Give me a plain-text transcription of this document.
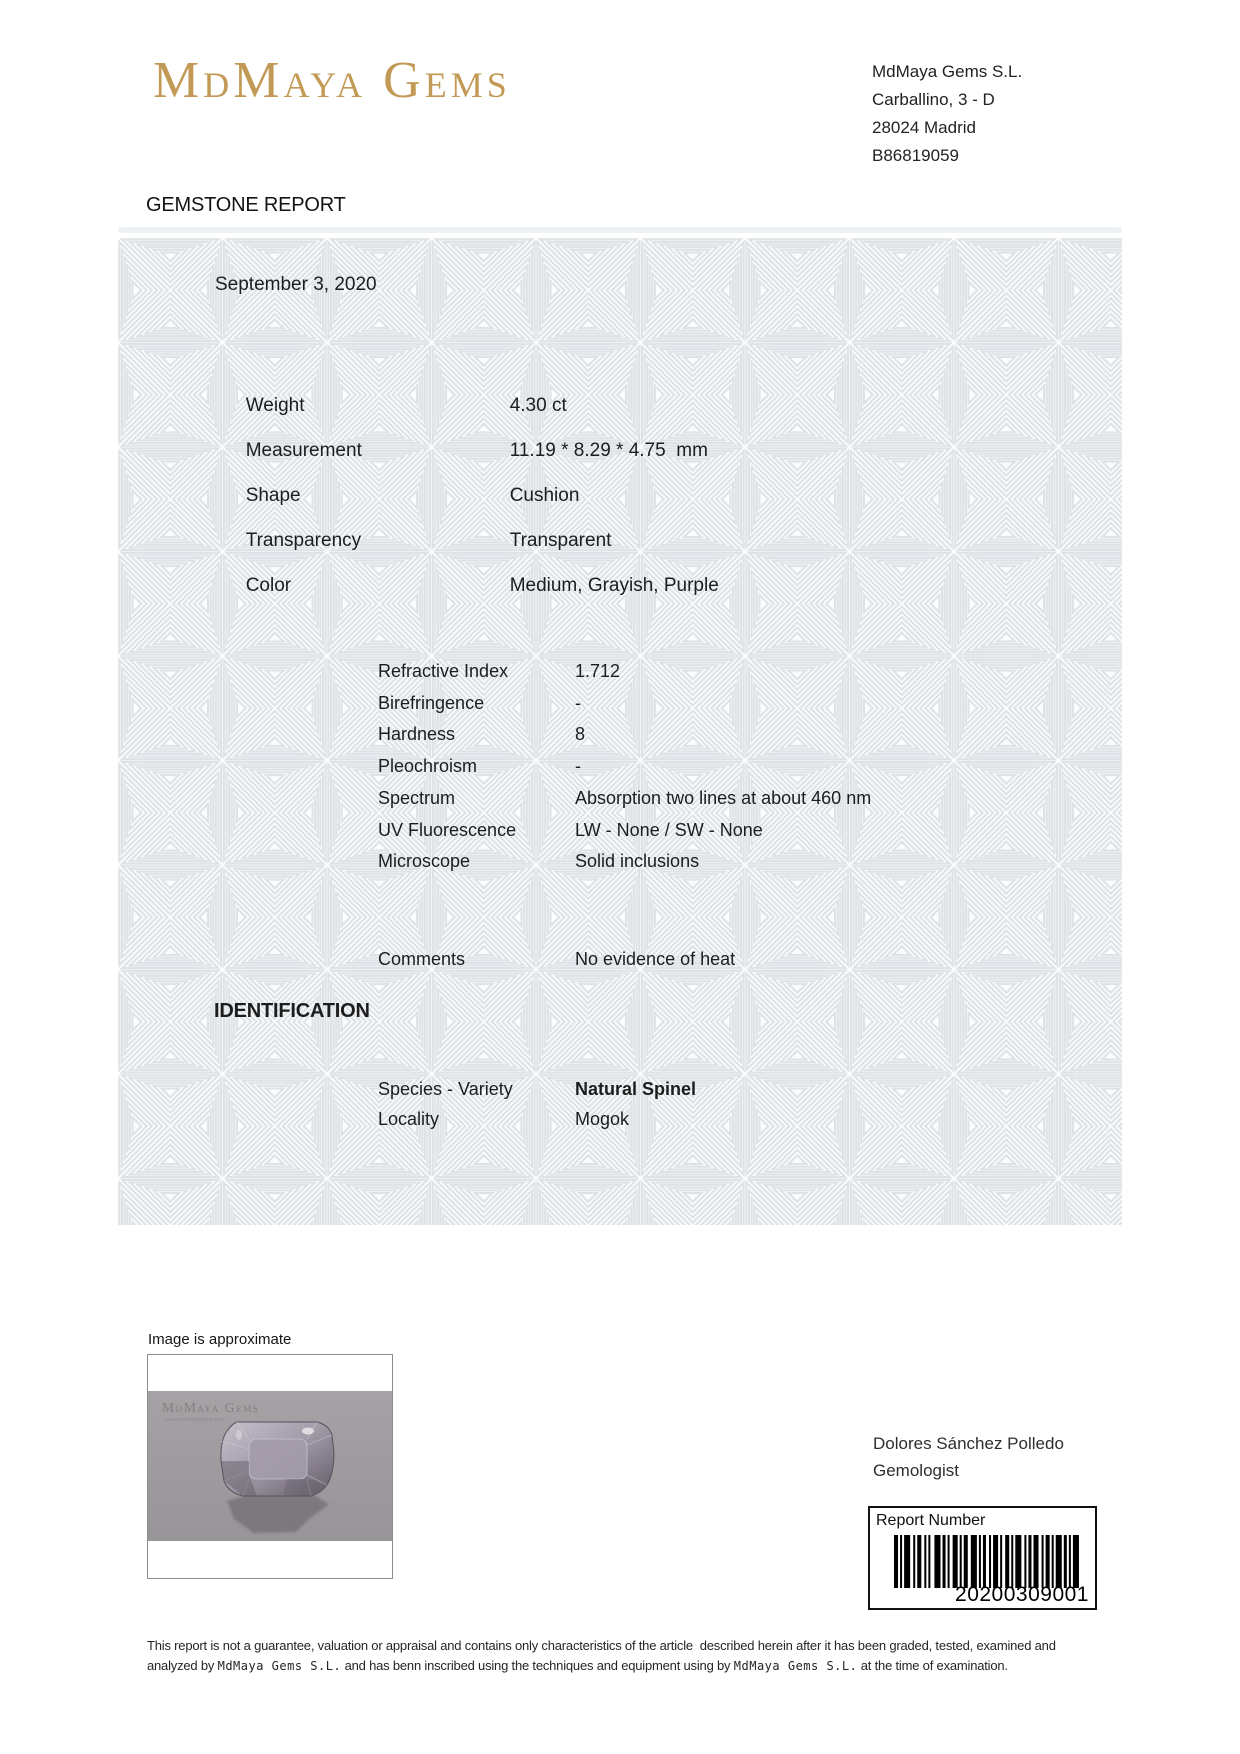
MdMaya Gems	MdMaya Gems S.L.
Carballino, 3 - D
28024 Madrid
B86819059
GEMSTONE REPORT
September 3, 2020

Weight	4.30 ct

Measurement	11.19 * 8.29 * 4.75  mm

Shape	Cushion

Transparency	Transparent

Color	Medium, Grayish, Purple

Refractive Index	1.712

Birefringence	-

Hardness	8

Pleochroism	-

Spectrum	Absorption two lines at about 460 nm

UV Fluorescence	LW - None / SW - None

Microscope	Solid inclusions

Comments	No evidence of heat

IDENTIFICATION

Species - Variety	Natural Spinel

Locality	Mogok

Image is approximate
MdMaya Gems
www.mdmayagems.com
Dolores Sánchez Polledo
Gemologist
Report Number
20200309001
This report is not a guarantee, valuation or appraisal and contains only characteristics of the article  described herein after it has been graded, tested, examined and analyzed by MdMaya Gems S.L. and has benn inscribed using the techniques and equipment using by MdMaya Gems S.L. at the time of examination.
